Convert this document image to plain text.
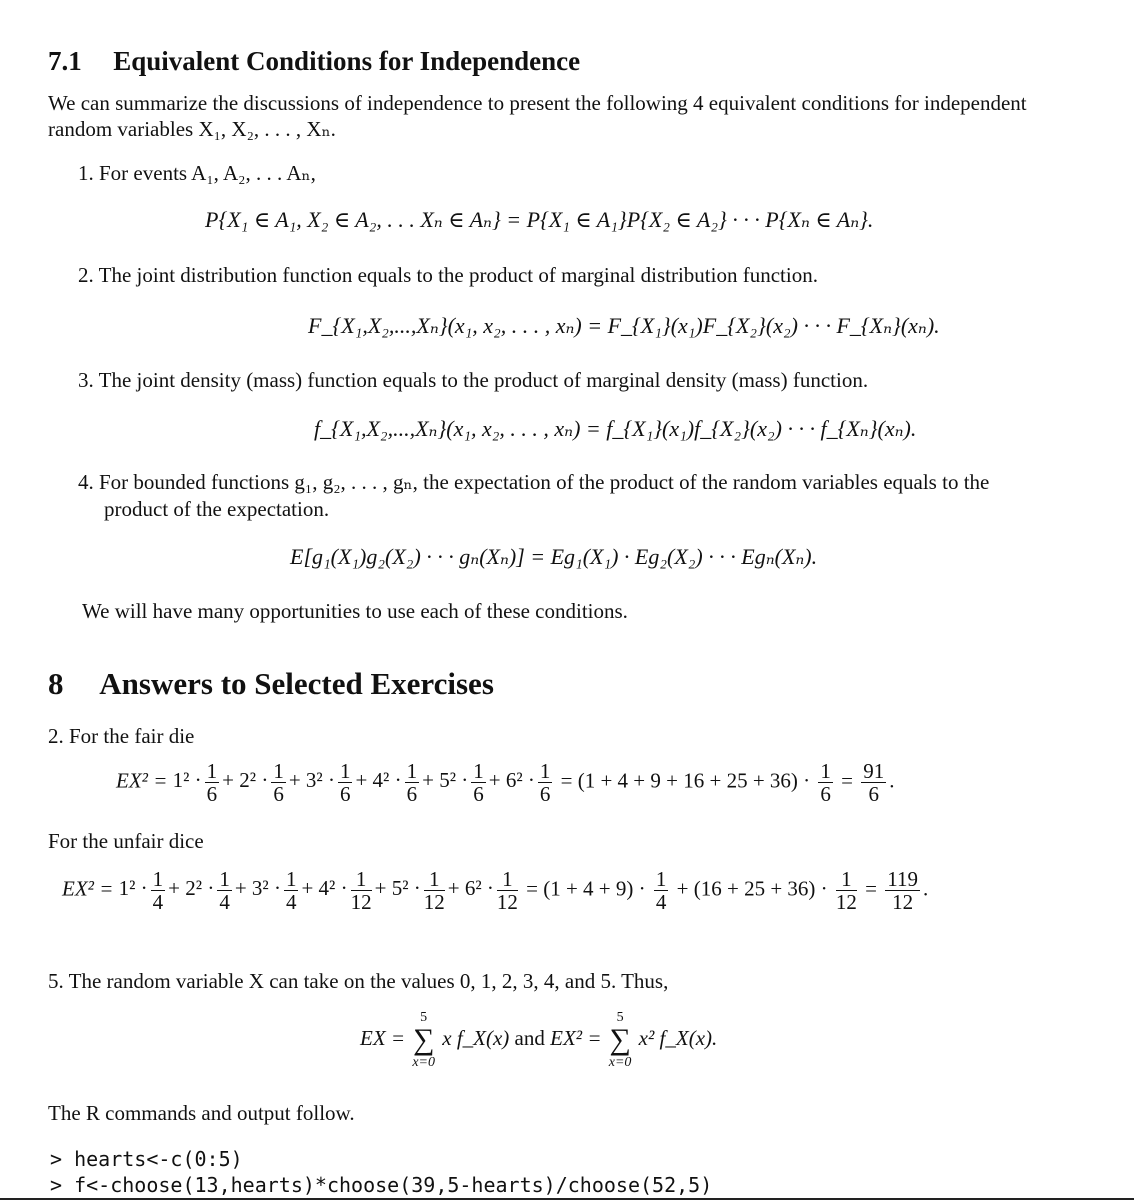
7.1 Equivalent Conditions for Independence
We can summarize the discussions of independence to present the following 4 equivalent conditions for independent
random variables X₁, X₂, . . . , Xₙ.
1. For events A₁, A₂, . . . Aₙ,
P{X₁ ∈ A₁, X₂ ∈ A₂, . . . Xₙ ∈ Aₙ} = P{X₁ ∈ A₁}P{X₂ ∈ A₂} · · · P{Xₙ ∈ Aₙ}.
2. The joint distribution function equals to the product of marginal distribution function.
F_{X₁,X₂,...,Xₙ}(x₁, x₂, . . . , xₙ) = F_{X₁}(x₁)F_{X₂}(x₂) · · · F_{Xₙ}(xₙ).
3. The joint density (mass) function equals to the product of marginal density (mass) function.
f_{X₁,X₂,...,Xₙ}(x₁, x₂, . . . , xₙ) = f_{X₁}(x₁)f_{X₂}(x₂) · · · f_{Xₙ}(xₙ).
4. For bounded functions g₁, g₂, . . . , gₙ, the expectation of the product of the random variables equals to the
product of the expectation.
E[g₁(X₁)g₂(X₂) · · · gₙ(Xₙ)] = Eg₁(X₁) · Eg₂(X₂) · · · Egₙ(Xₙ).
We will have many opportunities to use each of these conditions.
8 Answers to Selected Exercises
2. For the fair die
$EX^2 = 1^2 \cdot \frac{1}{6} + 2^2 \cdot \frac{1}{6} + 3^2 \cdot \frac{1}{6} + 4^2 \cdot \frac{1}{6} + 5^2 \cdot \frac{1}{6} + 6^2 \cdot \frac{1}{6} = (1 + 4 + 9 + 16 + 25 + 36) \cdot \frac{1}{6} = \frac{91}{6}$ .
For the unfair dice
$EX^2 = 1^2 \cdot \frac{1}{4} + 2^2 \cdot \frac{1}{4} + 3^2 \cdot \frac{1}{4} + 4^2 \cdot \frac{1}{12} + 5^2 \cdot \frac{1}{12} + 6^2 \cdot \frac{1}{12} = (1 + 4 + 9) \cdot \frac{1}{4} + (16 + 25 + 36) \cdot \frac{1}{12} = \frac{119}{12}$ .
5. The random variable X can take on the values 0, 1, 2, 3, 4, and 5. Thus,
EX =
5
∑
x=0
x f_X(x) and EX² =
5
∑
x=0
x² f_X(x).
The R commands and output follow.
> hearts<-c(0:5)
> f<-choose(13,hearts)*choose(39,5-hearts)/choose(52,5)
